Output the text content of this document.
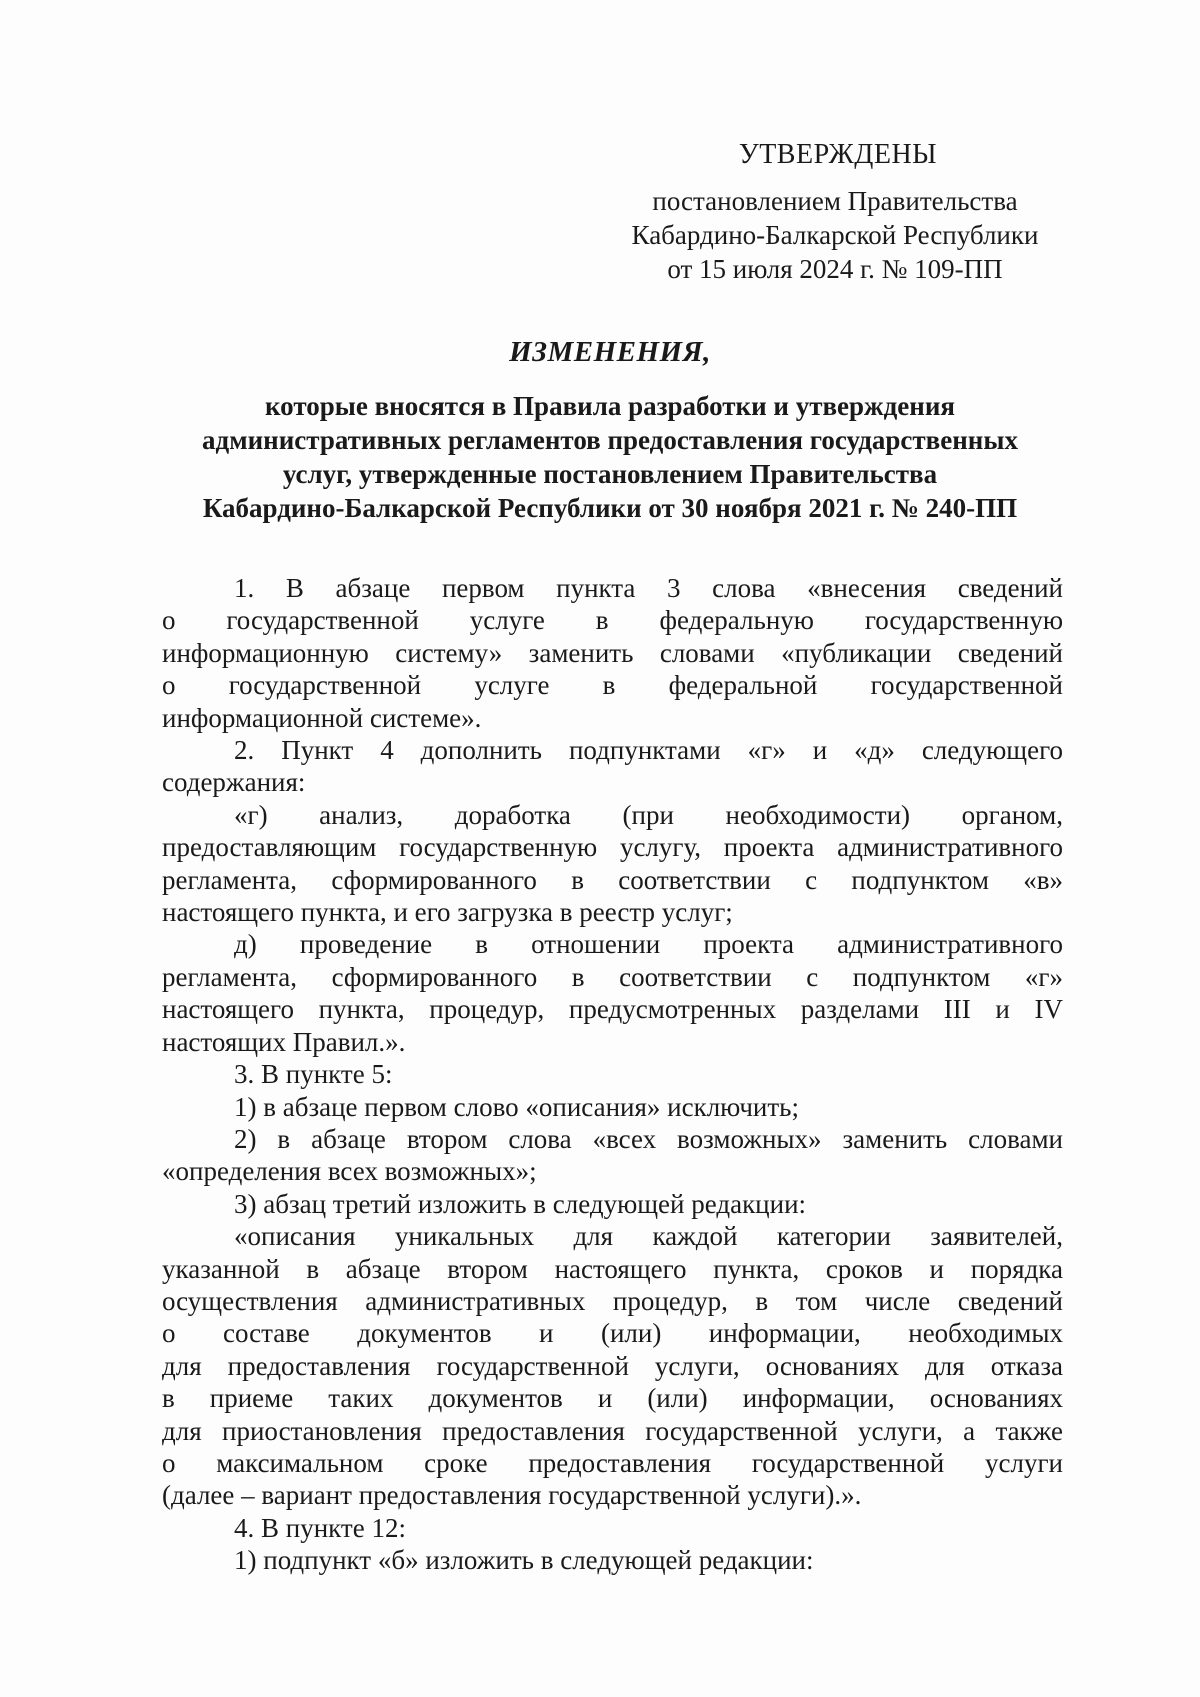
УТВЕРЖДЕНЫ
постановлением Правительства
Кабардино-Балкарской Республики
от 15 июля 2024 г. № 109-ПП
ИЗМЕНЕНИЯ,
которые вносятся в Правила разработки и утверждения
административных регламентов предоставления государственных
услуг, утвержденные постановлением Правительства
Кабардино-Балкарской Республики от 30 ноября 2021 г. № 240-ПП
1. В абзаце первом пункта 3 слова «внесения сведений
о государственной услуге в федеральную государственную
информационную систему» заменить словами «публикации сведений
о государственной услуге в федеральной государственной
информационной системе».
2. Пункт 4 дополнить подпунктами «г» и «д» следующего
содержания:
«г) анализ, доработка (при необходимости) органом,
предоставляющим государственную услугу, проекта административного
регламента, сформированного в соответствии с подпунктом «в»
настоящего пункта, и его загрузка в реестр услуг;
д) проведение в отношении проекта административного
регламента, сформированного в соответствии с подпунктом «г»
настоящего пункта, процедур, предусмотренных разделами III и IV
настоящих Правил.».
3. В пункте 5:
1) в абзаце первом слово «описания» исключить;
2) в абзаце втором слова «всех возможных» заменить словами
«определения всех возможных»;
3) абзац третий изложить в следующей редакции:
«описания уникальных для каждой категории заявителей,
указанной в абзаце втором настоящего пункта, сроков и порядка
осуществления административных процедур, в том числе сведений
о составе документов и (или) информации, необходимых
для предоставления государственной услуги, основаниях для отказа
в приеме таких документов и (или) информации, основаниях
для приостановления предоставления государственной услуги, а также
о максимальном сроке предоставления государственной услуги
(далее – вариант предоставления государственной услуги).».
4. В пункте 12:
1) подпункт «б» изложить в следующей редакции:
